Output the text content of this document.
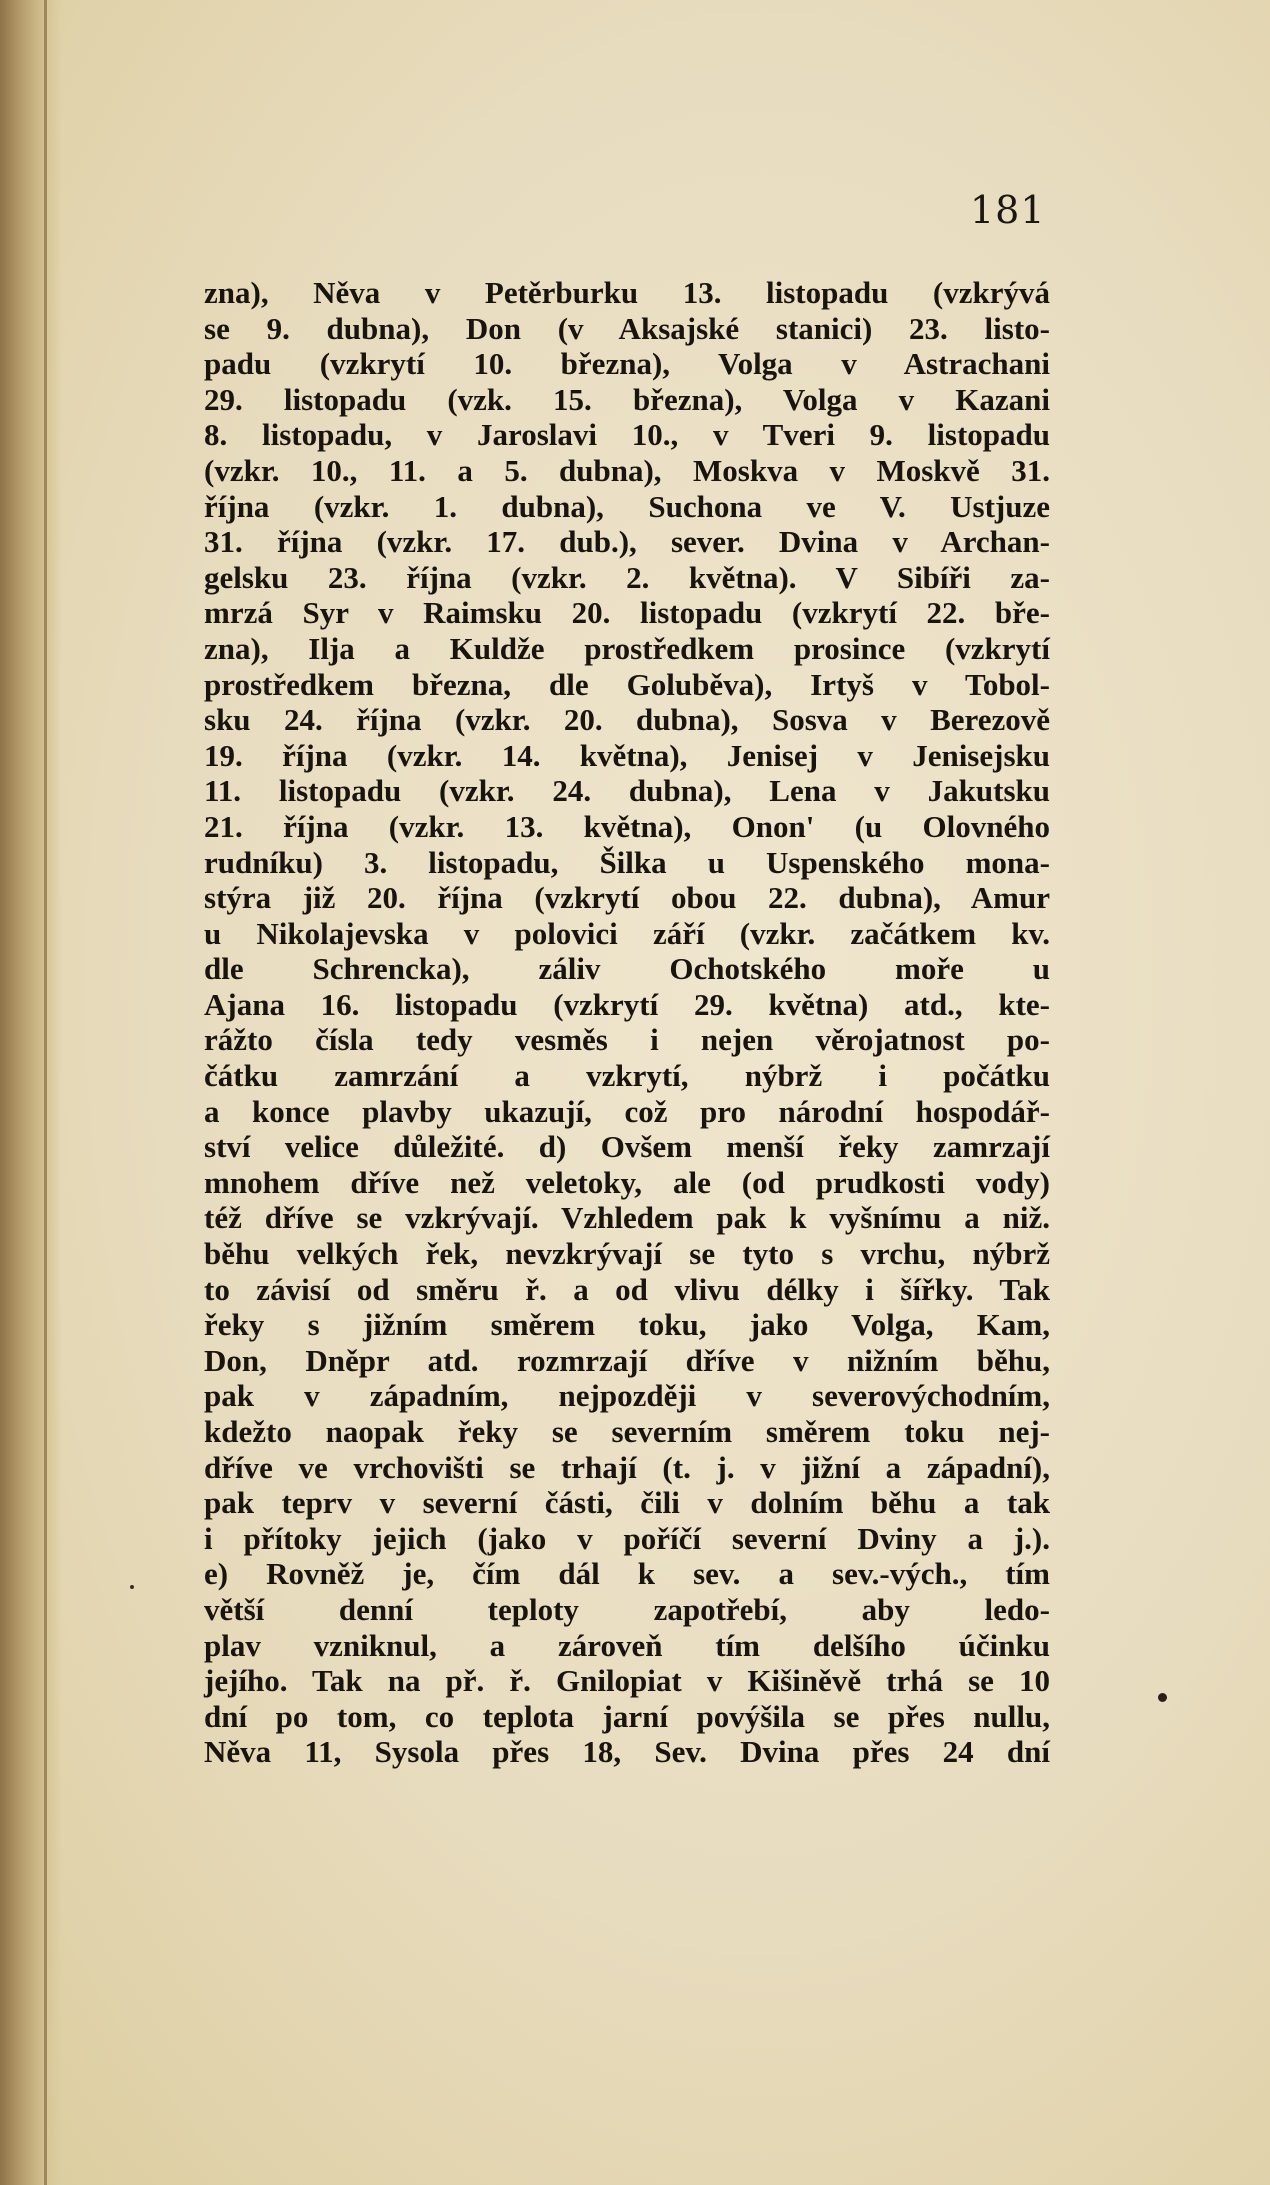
181
zna), Něva v Petěrburku 13. listopadu (vzkrývá
se 9. dubna), Don (v Aksajské stanici) 23. listo-
padu (vzkrytí 10. března), Volga v Astrachani
29. listopadu (vzk. 15. března), Volga v Kazani
8. listopadu, v Jaroslavi 10., v Tveri 9. listopadu
(vzkr. 10., 11. a 5. dubna), Moskva v Moskvě 31.
října (vzkr. 1. dubna), Suchona ve V. Ustjuze
31. října (vzkr. 17. dub.), sever. Dvina v Archan-
gelsku 23. října (vzkr. 2. května). V Sibíři za-
mrzá Syr v Raimsku 20. listopadu (vzkrytí 22. bře-
zna), Ilja a Kuldže prostředkem prosince (vzkrytí
prostředkem března, dle Goluběva), Irtyš v Tobol-
sku 24. října (vzkr. 20. dubna), Sosva v Berezově
19. října (vzkr. 14. května), Jenisej v Jenisejsku
11. listopadu (vzkr. 24. dubna), Lena v Jakutsku
21. října (vzkr. 13. května), Onon' (u Olovného
rudníku) 3. listopadu, Šilka u Uspenského mona-
stýra již 20. října (vzkrytí obou 22. dubna), Amur
u Nikolajevska v polovici září (vzkr. začátkem kv.
dle Schrencka), záliv Ochotského moře u
Ajana 16. listopadu (vzkrytí 29. května) atd., kte-
rážto čísla tedy vesměs i nejen věrojatnost po-
čátku zamrzání a vzkrytí, nýbrž i počátku
a konce plavby ukazují, což pro národní hospodář-
ství velice důležité. d) Ovšem menší řeky zamrzají
mnohem dříve než veletoky, ale (od prudkosti vody)
též dříve se vzkrývají. Vzhledem pak k vyšnímu a niž.
běhu velkých řek, nevzkrývají se tyto s vrchu, nýbrž
to závisí od směru ř. a od vlivu délky i šířky. Tak
řeky s jižním směrem toku, jako Volga, Kam,
Don, Dněpr atd. rozmrzají dříve v nižním běhu,
pak v západním, nejpozději v severovýchodním,
kdežto naopak řeky se severním směrem toku nej-
dříve ve vrchovišti se trhají (t. j. v jižní a západní),
pak teprv v severní části, čili v dolním běhu a tak
i přítoky jejich (jako v poříčí severní Dviny a j.).
e) Rovněž je, čím dál k sev. a sev.-vých., tím
větší denní teploty zapotřebí, aby ledo-
plav vzniknul, a zároveň tím delšího účinku
jejího. Tak na př. ř. Gnilopiat v Kišiněvě trhá se 10
dní po tom, co teplota jarní povýšila se přes nullu,
Něva 11, Sysola přes 18, Sev. Dvina přes 24 dní
